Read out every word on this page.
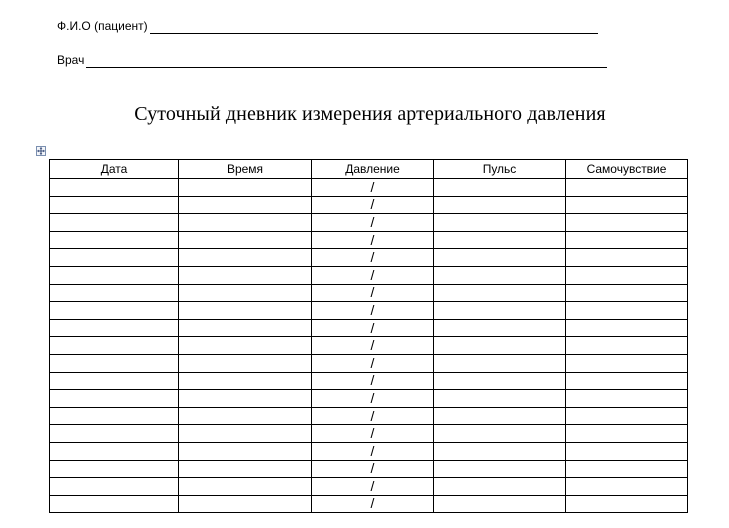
Ф.И.О (пациент)
Врач
Суточный дневник измерения артериального давления
Дата	Время	Давление	Пульс	Самочувствие
		/		
		/		
		/		
		/		
		/		
		/		
		/		
		/		
		/		
		/		
		/		
		/		
		/		
		/		
		/		
		/		
		/		
		/		
		/		
